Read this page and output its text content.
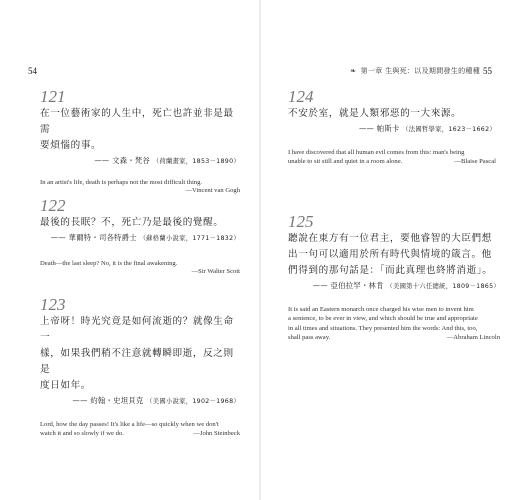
54
121
在一位藝術家的人生中，死亡也許並非是最需
要煩惱的事。
—— 文森・梵谷 （荷蘭畫家，1853－1890）
In an artist's life, death is perhaps not the most difficult thing.
—Vincent van Gogh
122
最後的長眠？不，死亡乃是最後的覺醒。
—— 華爾特・司各特爵士 （蘇格蘭小說家，1771－1832）
Death—the last sleep? No, it is the final awakening.
—Sir Walter Scott
123
上帝呀！時光究竟是如何流逝的？就像生命一
樣，如果我們稍不注意就轉瞬即逝，反之則是
度日如年。
—— 約翰・史坦貝克 （美國小說家，1902－1968）
Lord, how the day passes! It's like a life—so quickly when we don't
watch it and so slowly if we do.	—John Steinbeck
❧ 第一章 生與死：以及期間發生的種種 55
124
不安於室，就是人類邪惡的一大來源。
—— 帕斯卡 （法國哲學家，1623－1662）
I have discovered that all human evil comes from this: man's being
unable to sit still and quiet in a room alone.	—Blaise Pascal
125
聽說在東方有一位君主，要他睿智的大臣們想
出一句可以適用於所有時代與情境的箴言。他
們得到的那句話是：「而此真理也終將消逝」。
—— 亞伯拉罕・林肯 （美國第十六任總統，1809－1865）
It is said an Eastern monarch once charged his wise men to invent him
a sentence, to be ever in view, and which should be true and appropriate
in all times and situations. They presented him the words: And this, too,
shall pass away.	—Abraham Lincoln
